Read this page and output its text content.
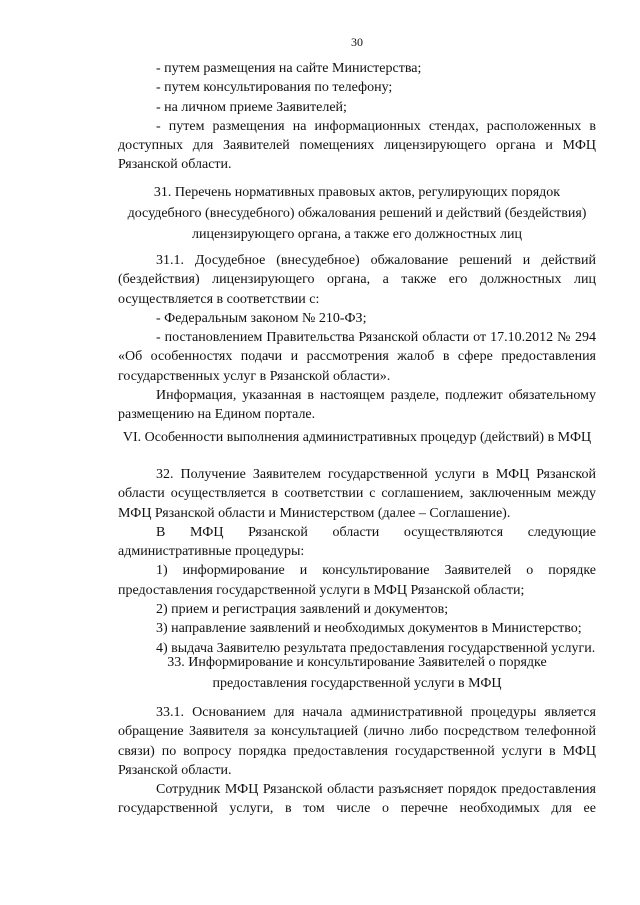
30

- путем размещения на сайте Министерства;

- путем консультирования по телефону;

- на личном приеме Заявителей;

- путем размещения на информационных стендах, расположенных в доступных для Заявителей помещениях лицензирующего органа и МФЦ Рязанской области.

31. Перечень нормативных правовых актов, регулирующих порядок досудебного (внесудебного) обжалования решений и действий (бездействия) лицензирующего органа, а также его должностных лиц

31.1. Досудебное (внесудебное) обжалование решений и действий (бездействия) лицензирующего органа, а также его должностных лиц осуществляется в соответствии с:

- Федеральным законом № 210-ФЗ;

- постановлением Правительства Рязанской области от 17.10.2012 № 294 «Об особенностях подачи и рассмотрения жалоб в сфере предоставления государственных услуг в Рязанской области».

Информация, указанная в настоящем разделе, подлежит обязательному размещению на Едином портале.

VI. Особенности выполнения административных процедур (действий) в МФЦ

32. Получение Заявителем государственной услуги в МФЦ Рязанской области осуществляется в соответствии с соглашением, заключенным между МФЦ Рязанской области и Министерством (далее – Соглашение).

В МФЦ Рязанской области осуществляются следующие

административные процедуры:

1) информирование и консультирование Заявителей о порядке предоставления государственной услуги в МФЦ Рязанской области;

2) прием и регистрация заявлений и документов;

3) направление заявлений и необходимых документов в Министерство;

4) выдача Заявителю результата предоставления государственной услуги.

33. Информирование и консультирование Заявителей о порядке предоставления государственной услуги в МФЦ

33.1. Основанием для начала административной процедуры является обращение Заявителя за консультацией (лично либо посредством телефонной связи) по вопросу порядка предоставления государственной услуги в МФЦ Рязанской области.

Сотрудник МФЦ Рязанской области разъясняет порядок предоставления государственной услуги, в том числе о перечне необходимых для ее
